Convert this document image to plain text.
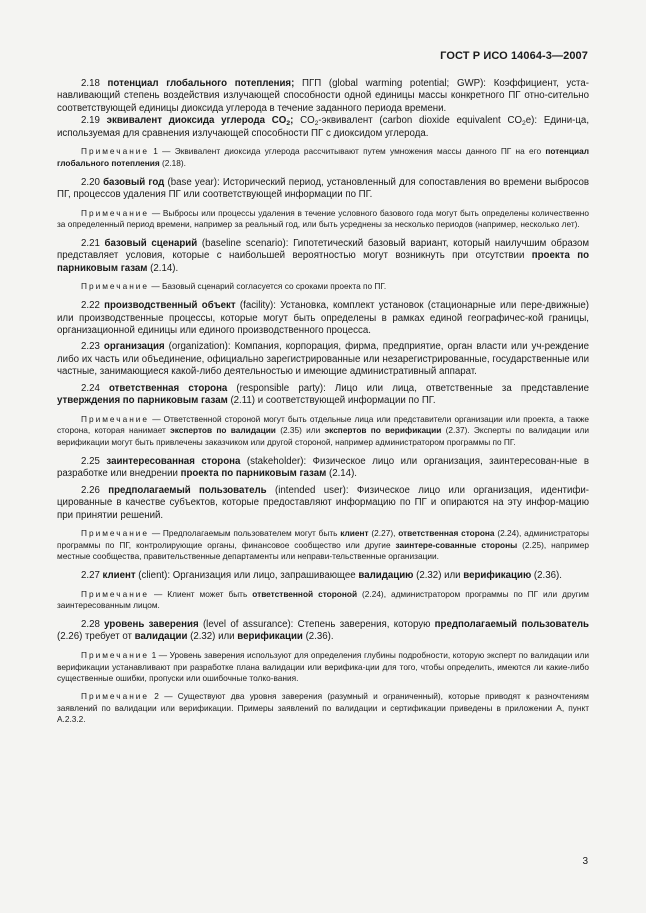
ГОСТ Р ИСО 14064-3—2007

2.18 потенциал глобального потепления; ПГП (global warming potential; GWP): Коэффициент, уста-навливающий степень воздействия излучающей способности одной единицы массы конкретного ПГ отно-сительно соответствующей единицы диоксида углерода в течение заданного периода времени.

2.19 эквивалент диоксида углерода $CO_2$; $CO_2$-эквивалент (carbon dioxide equivalent $CO_2е$): Едини-ца, используемая для сравнения излучающей способности ПГ с диоксидом углерода.

Примечание 1 — Эквивалент диоксида углерода рассчитывают путем умножения массы данного ПГ на его потенциал глобального потепления (2.18).

2.20 базовый год (base year): Исторический период, установленный для сопоставления во времени выбросов ПГ, процессов удаления ПГ или соответствующей информации по ПГ.

Примечание — Выбросы или процессы удаления в течение условного базового года могут быть определены количественно за определенный период времени, например за реальный год, или быть усреднены за несколько периодов (например, несколько лет).

2.21 базовый сценарий (baseline scenario): Гипотетический базовый вариант, который наилучшим образом представляет условия, которые с наибольшей вероятностью могут возникнуть при отсутствии проекта по парниковым газам (2.14).

Примечание — Базовый сценарий согласуется со сроками проекта по ПГ.

2.22 производственный объект (facility): Установка, комплект установок (стационарные или пере-движные) или производственные процессы, которые могут быть определены в рамках единой географичес-кой границы, организационной единицы или единого производственного процесса.

2.23 организация (organization): Компания, корпорация, фирма, предприятие, орган власти или уч-реждение либо их часть или объединение, официально зарегистрированные или незарегистрированные, государственные или частные, занимающиеся какой-либо деятельностью и имеющие административный аппарат.

2.24 ответственная сторона (responsible party): Лицо или лица, ответственные за представление утверждения по парниковым газам (2.11) и соответствующей информации по ПГ.

Примечание — Ответственной стороной могут быть отдельные лица или представители организации или проекта, а также сторона, которая нанимает экспертов по валидации (2.35) или экспертов по верификации (2.37). Эксперты по валидации или верификации могут быть привлечены заказчиком или другой стороной, например администратором программы по ПГ.

2.25 заинтересованная сторона (stakeholder): Физическое лицо или организация, заинтересован-ные в разработке или внедрении проекта по парниковым газам (2.14).

2.26 предполагаемый пользователь (intended user): Физическое лицо или организация, идентифи-цированные в качестве субъектов, которые предоставляют информацию по ПГ и опираются на эту инфор-мацию при принятии решений.

Примечание — Предполагаемым пользователем могут быть клиент (2.27), ответственная сторона (2.24), администраторы программы по ПГ, контролирующие органы, финансовое сообщество или другие заинтере-сованные стороны (2.25), например местные сообщества, правительственные департаменты или неправи-тельственные организации.

2.27 клиент (client): Организация или лицо, запрашивающее валидацию (2.32) или верификацию (2.36).

Примечание — Клиент может быть ответственной стороной (2.24), администратором программы по ПГ или другим заинтересованным лицом.

2.28 уровень заверения (level of assurance): Степень заверения, которую предполагаемый пользователь (2.26) требует от валидации (2.32) или верификации (2.36).

Примечание 1 — Уровень заверения используют для определения глубины подробности, которую эксперт по валидации или верификации устанавливают при разработке плана валидации или верифика-ции для того, чтобы определить, имеются ли какие-либо существенные ошибки, пропуски или ошибочные толко-вания.

Примечание 2 — Существуют два уровня заверения (разумный и ограниченный), которые приводят к разночтениям заявлений по валидации или верификации. Примеры заявлений по валидации и сертификации приведены в приложении А, пункт А.2.3.2.

3
